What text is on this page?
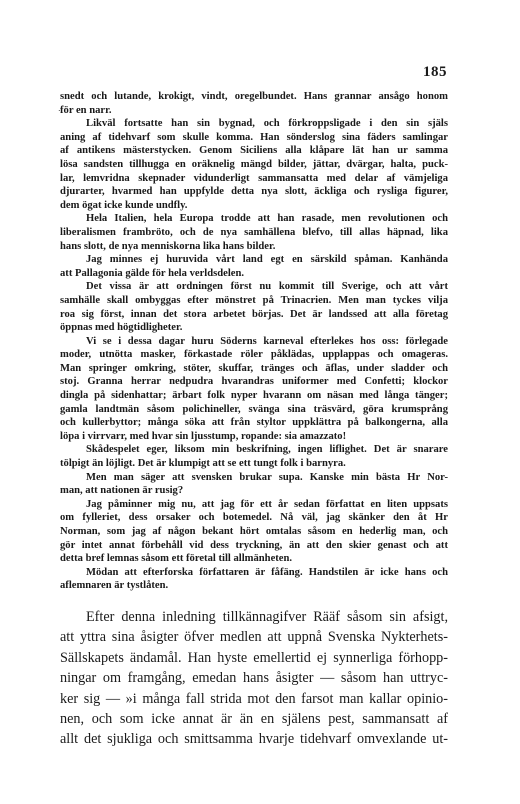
185
.
snedt och lutande, krokigt, vindt, oregelbundet. Hans grannar ansågo honom
för en narr.
Likväl fortsatte han sin bygnad, och förkroppsligade i den sin själs
aning af tidehvarf som skulle komma. Han sönderslog sina fäders samlingar
af antikens mästerstycken. Genom Siciliens alla klåpare lät han ur samma
lösa sandsten tillhugga en oräknelig mängd bilder, jättar, dvärgar, halta, puck-
lar, lemvridna skepnader vidunderligt sammansatta med delar af vämjeliga
djurarter, hvarmed han uppfylde detta nya slott, äckliga och rysliga figurer,
dem ögat icke kunde undfly.
Hela Italien, hela Europa trodde att han rasade, men revolutionen och
liberalismen frambröto, och de nya samhällena blefvo, till allas häpnad, lika
hans slott, de nya menniskorna lika hans bilder.
Jag minnes ej huruvida vårt land egt en särskild spåman. Kanhända
att Pallagonia gälde för hela verldsdelen.
Det vissa är att ordningen först nu kommit till Sverige, och att vårt
samhälle skall ombyggas efter mönstret på Trinacrien. Men man tyckes vilja
roa sig först, innan det stora arbetet börjas. Det är landssed att alla företag
öppnas med högtidligheter.
Vi se i dessa dagar huru Söderns karneval efterlekes hos oss: förlegade
moder, utnötta masker, förkastade röler påklädas, upplappas och omageras.
Man springer omkring, stöter, skuffar, tränges och äflas, under sladder och
stoj. Granna herrar nedpudra hvarandras uniformer med Confetti; klockor
dingla på sidenhattar; ärbart folk nyper hvarann om näsan med långa tänger;
gamla landtmän såsom polichineller, svänga sina träsvärd, göra krumsprång
och kullerbyttor; många söka att från styltor uppklättra på balkongerna, alla
löpa i virrvarr, med hvar sin ljusstump, ropande: sia amazzato!
Skådespelet eger, liksom min beskrifning, ingen liflighet. Det är snarare
tölpigt än löjligt. Det är klumpigt att se ett tungt folk i barnyra.
Men man säger att svensken brukar supa. Kanske min bästa Hr Nor-
man, att nationen är rusig?
Jag påminner mig nu, att jag för ett år sedan författat en liten uppsats
om fylleriet, dess orsaker och botemedel. Nå väl, jag skänker den åt Hr
Norman, som jag af någon bekant hört omtalas såsom en hederlig man, och
gör intet annat förbehåll vid dess tryckning, än att den skier genast och att
detta bref lemnas såsom ett företal till allmänheten.
Mödan att efterforska författaren är fåfäng. Handstilen är icke hans och
aflemnaren är tystlåten.
Efter denna inledning tillkännagifver Rääf såsom sin afsigt,
att yttra sina åsigter öfver medlen att uppnå Svenska Nykterhets-
Sällskapets ändamål. Han hyste emellertid ej synnerliga förhopp-
ningar om framgång, emedan hans åsigter — såsom han uttryc-
ker sig — »i många fall strida mot den farsot man kallar opinio-
nen, och som icke annat är än en själens pest, sammansatt af
allt det sjukliga och smittsamma hvarje tidehvarf omvexlande ut-
